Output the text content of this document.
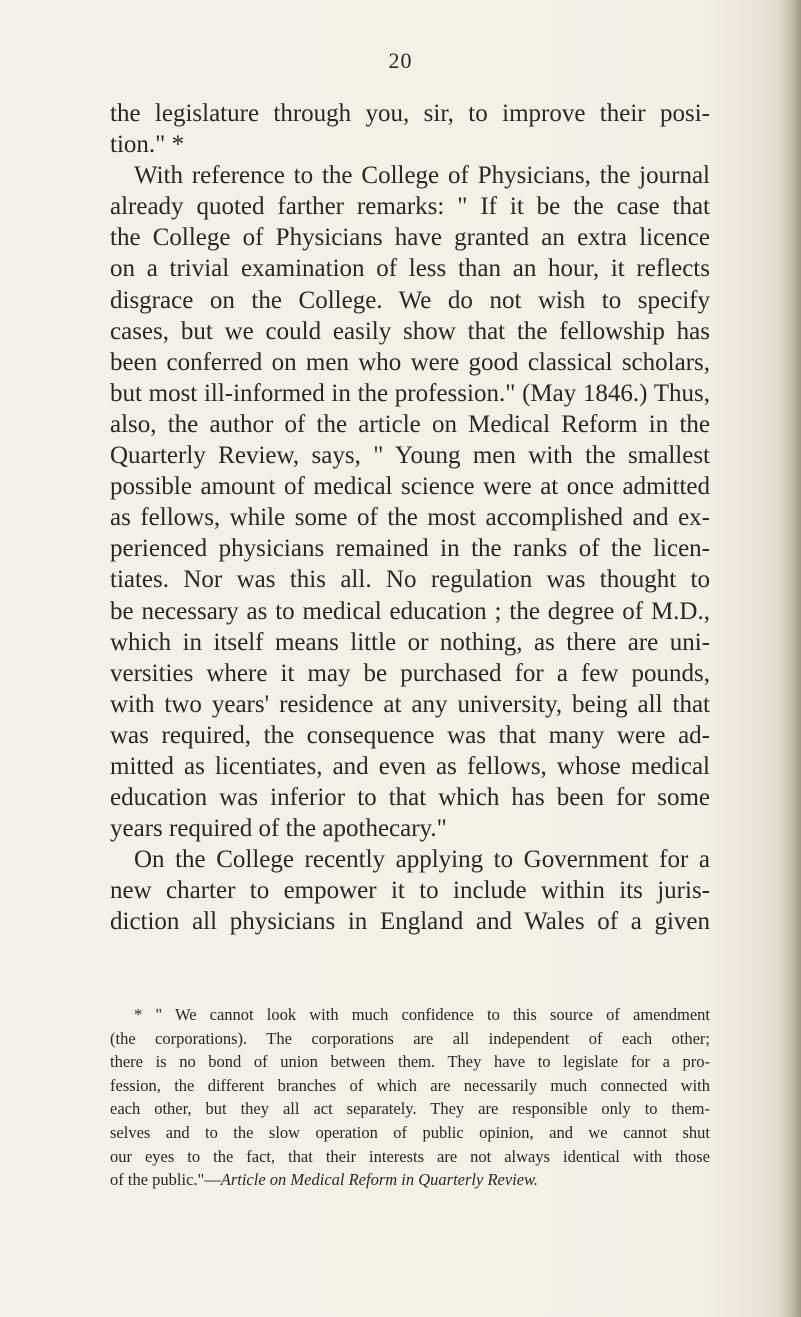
20
the legislature through you, sir, to improve their posi-
tion." *
With reference to the College of Physicians, the journal
already quoted farther remarks: " If it be the case that
the College of Physicians have granted an extra licence
on a trivial examination of less than an hour, it reflects
disgrace on the College. We do not wish to specify
cases, but we could easily show that the fellowship has
been conferred on men who were good classical scholars,
but most ill-informed in the profession." (May 1846.) Thus,
also, the author of the article on Medical Reform in the
Quarterly Review, says, " Young men with the smallest
possible amount of medical science were at once admitted
as fellows, while some of the most accomplished and ex-
perienced physicians remained in the ranks of the licen-
tiates. Nor was this all. No regulation was thought to
be necessary as to medical education ; the degree of M.D.,
which in itself means little or nothing, as there are uni-
versities where it may be purchased for a few pounds,
with two years' residence at any university, being all that
was required, the consequence was that many were ad-
mitted as licentiates, and even as fellows, whose medical
education was inferior to that which has been for some
years required of the apothecary."
On the College recently applying to Government for a
new charter to empower it to include within its juris-
diction all physicians in England and Wales of a given
* " We cannot look with much confidence to this source of amendment
(the corporations). The corporations are all independent of each other;
there is no bond of union between them. They have to legislate for a pro-
fession, the different branches of which are necessarily much connected with
each other, but they all act separately. They are responsible only to them-
selves and to the slow operation of public opinion, and we cannot shut
our eyes to the fact, that their interests are not always identical with those
of the public."—Article on Medical Reform in Quarterly Review.
